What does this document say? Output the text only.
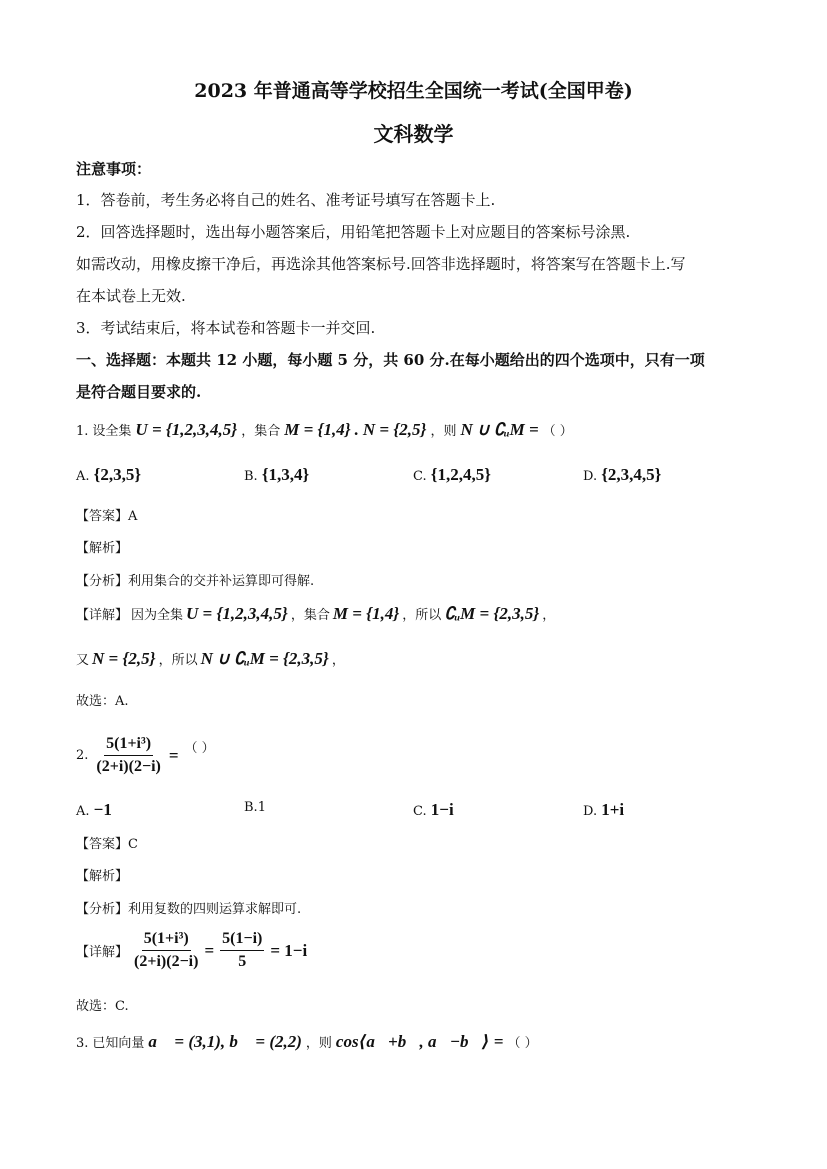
2023 年普通高等学校招生全国统一考试(全国甲卷)
文科数学
注意事项：
1．答卷前，考生务必将自己的姓名、准考证号填写在答题卡上.
2．回答选择题时，选出每小题答案后，用铅笔把答题卡上对应题目的答案标号涂黑.
如需改动，用橡皮擦干净后，再选涂其他答案标号.回答非选择题时，将答案写在答题卡上.写
在本试卷上无效.
3．考试结束后，将本试卷和答题卡一并交回.
一、选择题：本题共 12 小题，每小题 5 分，共 60 分.在每小题给出的四个选项中，只有一项
是符合题目要求的.
1. 设全集 U = {1,2,3,4,5} ，集合 M = {1,4} . N = {2,5} ，则 N ∪ ∁ᵤM = （ ）
A. {2,3,5}	B. {1,3,4}	C. {1,2,4,5}	D. {2,3,4,5}
【答案】A
【解析】
【分析】利用集合的交并补运算即可得解.
【详解】 因为全集 U = {1,2,3,4,5} ，集合 M = {1,4} ，所以 ∁ᵤM = {2,3,5} ，
又 N = {2,5} ，所以 N ∪ ∁ᵤM = {2,3,5} ，
故选：A.
2. $\frac{\text{5(1+i³)}}{(2+i)(2-i)}$ = （ ）
A. −1	B.1	C. 1−i	D. 1+i
【答案】C
【解析】
【分析】利用复数的四则运算求解即可.
【详解】 $\frac{\text{5(1+i³)}}{(2+i)(2-i)} = \frac{5(1-i)}{5} = 1-i$
故选：C.
3. 已知向量 a⃗ = (3,1), b⃗ = (2,2) ，则 cos⟨a⃗+b⃗, a⃗−b⃗⟩ = （ ）
